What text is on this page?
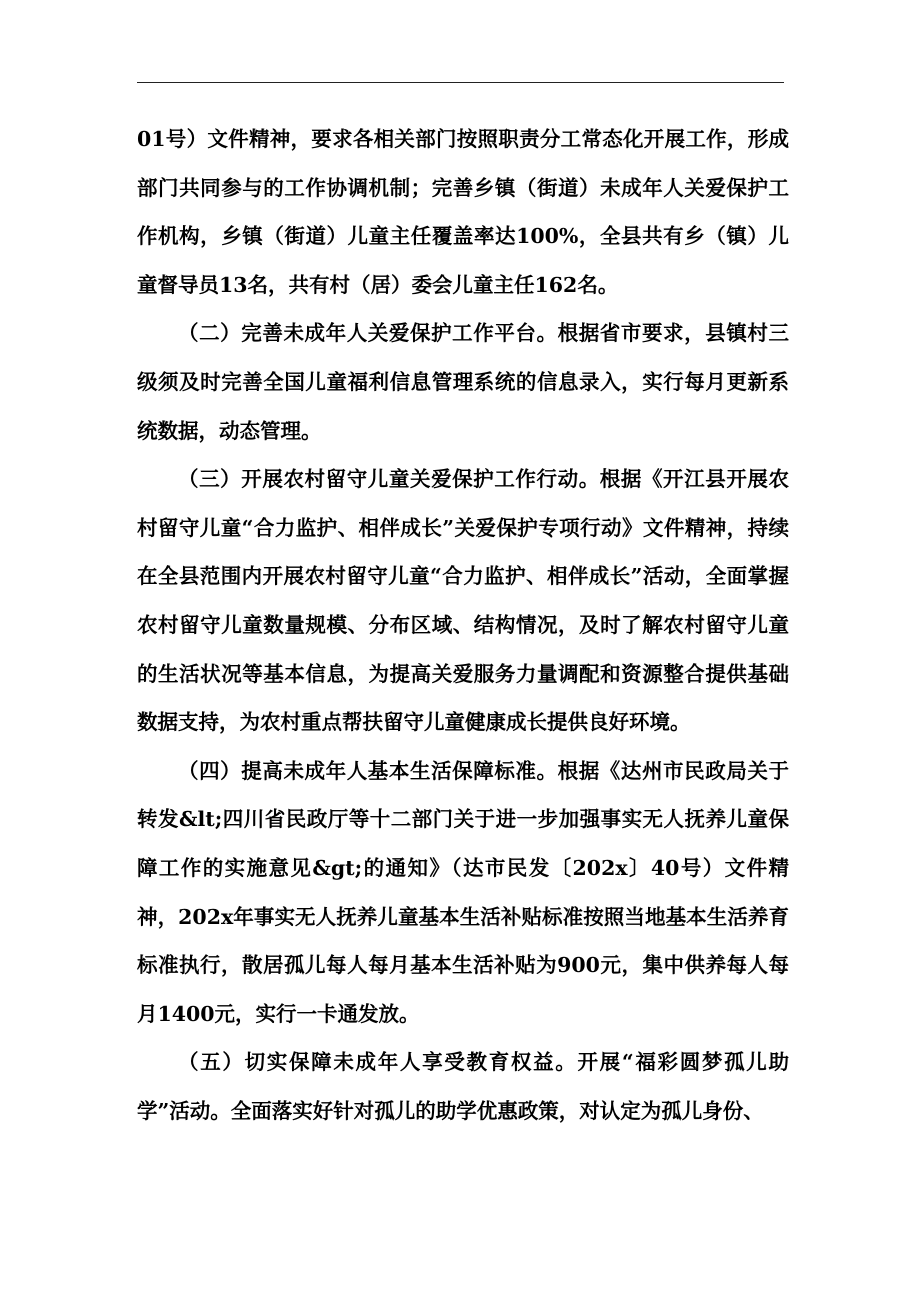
01号）文件精神，要求各相关部门按照职责分工常态化开展工作，形成部门共同参与的工作协调机制；完善乡镇（街道）未成年人关爱保护工作机构，乡镇（街道）儿童主任覆盖率达100%，全县共有乡（镇）儿童督导员13名，共有村（居）委会儿童主任162名。

（二）完善未成年人关爱保护工作平台。根据省市要求，县镇村三级须及时完善全国儿童福利信息管理系统的信息录入，实行每月更新系统数据，动态管理。

（三）开展农村留守儿童关爱保护工作行动。根据《开江县开展农村留守儿童“合力监护、相伴成长”关爱保护专项行动》文件精神，持续在全县范围内开展农村留守儿童“合力监护、相伴成长”活动，全面掌握农村留守儿童数量规模、分布区域、结构情况，及时了解农村留守儿童的生活状况等基本信息，为提高关爱服务力量调配和资源整合提供基础数据支持，为农村重点帮扶留守儿童健康成长提供良好环境。

（四）提高未成年人基本生活保障标准。根据《达州市民政局关于转发&lt;四川省民政厅等十二部门关于进一步加强事实无人抚养儿童保障工作的实施意见&gt;的通知》（达市民发〔202x〕40号）文件精神，202x年事实无人抚养儿童基本生活补贴标准按照当地基本生活养育标准执行，散居孤儿每人每月基本生活补贴为900元，集中供养每人每月1400元，实行一卡通发放。

（五）切实保障未成年人享受教育权益。开展“福彩圆梦孤儿助学”活动。全面落实好针对孤儿的助学优惠政策，对认定为孤儿身份、
